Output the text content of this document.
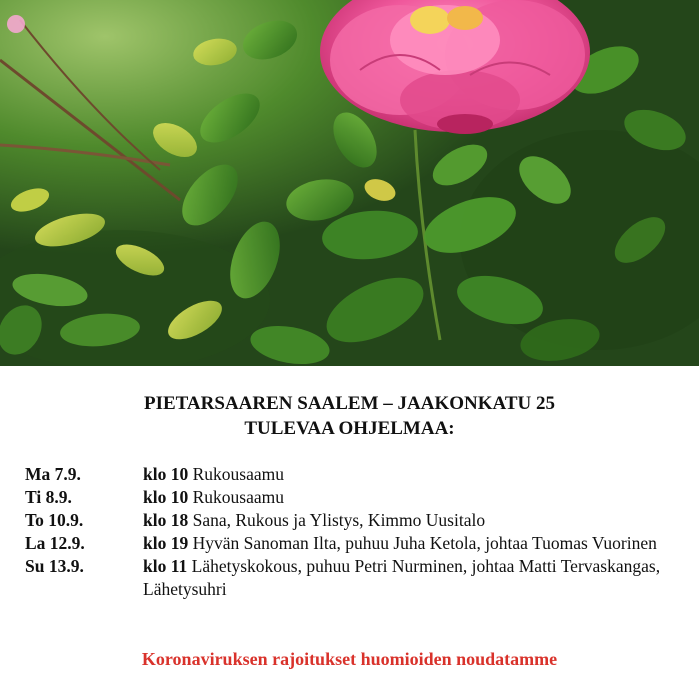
PIETARSAAREN SAALEM – JAAKONKATU 25
TULEVAA OHJELMAA:
Ma 7.9.	klo 10 Rukousaamu
Ti 8.9.	klo 10 Rukousaamu
To 10.9.	klo 18 Sana, Rukous ja Ylistys, Kimmo Uusitalo
La 12.9.	klo 19 Hyvän Sanoman Ilta, puhuu Juha Ketola, johtaa Tuomas Vuorinen
Su 13.9.	klo 11 Lähetyskokous, puhuu Petri Nurminen, johtaa Matti Tervaskangas, Lähetysuhri
Koronaviruksen rajoitukset huomioiden noudatamme
